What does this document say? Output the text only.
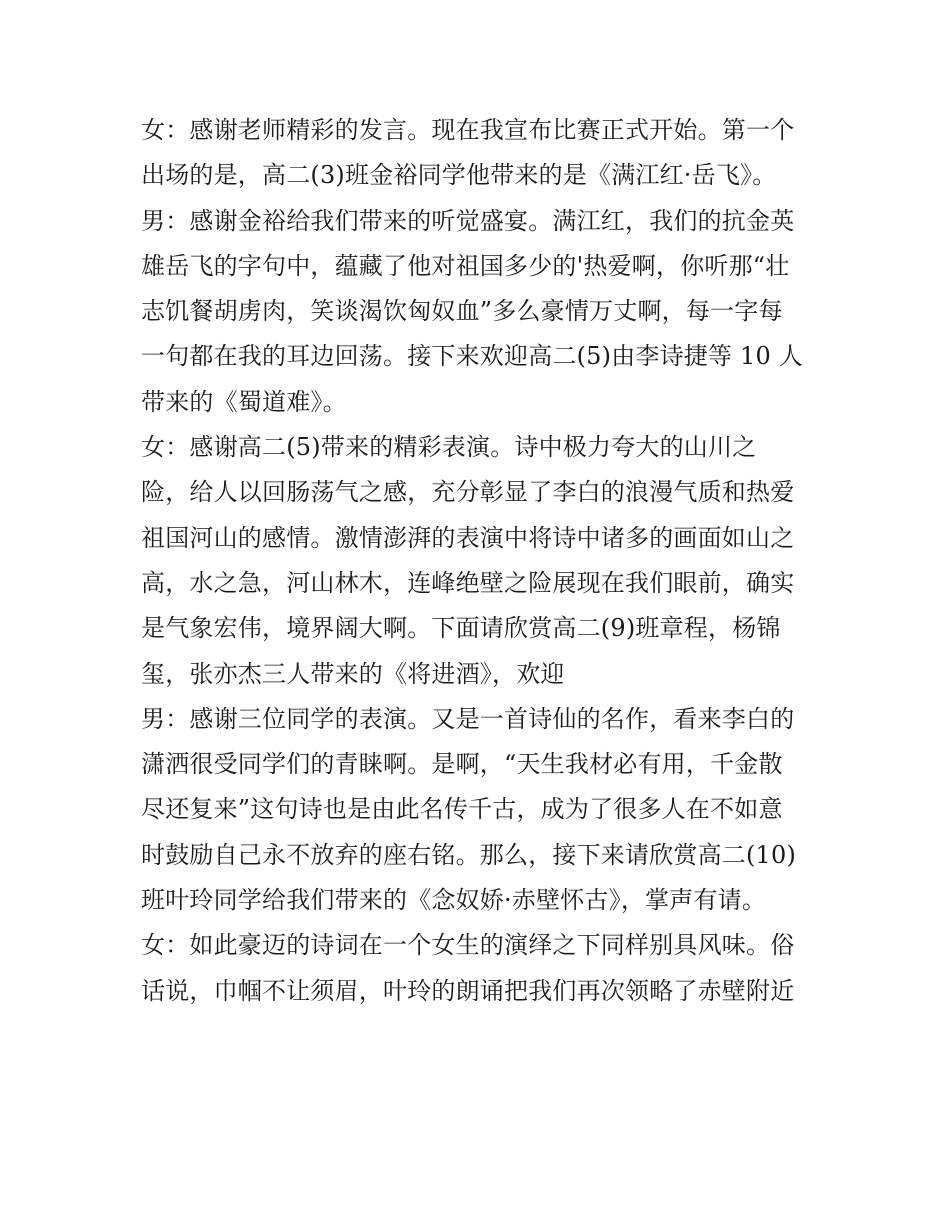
女：感谢老师精彩的发言。现在我宣布比赛正式开始。第一个
出场的是，高二(3)班金裕同学他带来的是《满江红·岳飞》。
男：感谢金裕给我们带来的听觉盛宴。满江红，我们的抗金英
雄岳飞的字句中，蕴藏了他对祖国多少的'热爱啊，你听那“壮
志饥餐胡虏肉，笑谈渴饮匈奴血”多么豪情万丈啊，每一字每
一句都在我的耳边回荡。接下来欢迎高二(5)由李诗捷等 10 人
带来的《蜀道难》。
女：感谢高二(5)带来的精彩表演。诗中极力夸大的山川之
险，给人以回肠荡气之感，充分彰显了李白的浪漫气质和热爱
祖国河山的感情。激情澎湃的表演中将诗中诸多的画面如山之
高，水之急，河山林木，连峰绝壁之险展现在我们眼前，确实
是气象宏伟，境界阔大啊。下面请欣赏高二(9)班章程，杨锦
玺，张亦杰三人带来的《将进酒》，欢迎
男：感谢三位同学的表演。又是一首诗仙的名作，看来李白的
潇洒很受同学们的青睐啊。是啊，“天生我材必有用，千金散
尽还复来”这句诗也是由此名传千古，成为了很多人在不如意
时鼓励自己永不放弃的座右铭。那么，接下来请欣赏高二(10)
班叶玲同学给我们带来的《念奴娇·赤壁怀古》，掌声有请。
女：如此豪迈的诗词在一个女生的演绎之下同样别具风味。俗
话说，巾帼不让须眉，叶玲的朗诵把我们再次领略了赤壁附近
